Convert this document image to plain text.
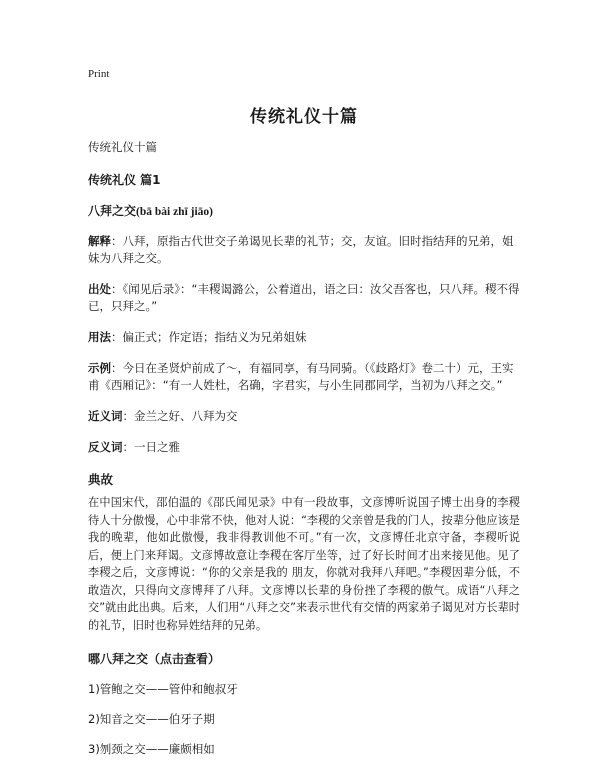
Print
传统礼仪十篇
传统礼仪十篇
传统礼仪 篇1
八拜之交(bā bài zhī jiāo)
解释：八拜，原指古代世交子弟谒见长辈的礼节；交，友谊。旧时指结拜的兄弟，姐妹为八拜之交。
出处：《闻见后录》：“丰稷谒潞公，公着道出，语之曰：汝父吾客也，只八拜。稷不得已，只拜之。”
用法：偏正式；作定语；指结义为兄弟姐妹
示例：今日在圣贤炉前成了～，有福同享，有马同骑。（《歧路灯》卷二十）元，王实甫《西厢记》：“有一人姓杜，名确，字君实，与小生同郡同学，当初为八拜之交。”
近义词：金兰之好、八拜为交
反义词：一日之雅
典故
在中国宋代，邵伯温的《邵氏闻见录》中有一段故事，文彦博听说国子博士出身的李稷待人十分傲慢，心中非常不快，他对人说：“李稷的父亲曾是我的门人，按辈分他应该是我的晚辈，他如此傲慢，我非得教训他不可。”有一次，文彦博任北京守备，李稷听说后，便上门来拜谒。文彦博故意让李稷在客厅坐等，过了好长时间才出来接见他。见了李稷之后，文彦博说：“你的父亲是我的 朋友，你就对我拜八拜吧。”李稷因辈分低，不敢造次，只得向文彦博拜了八拜。文彦博以长辈的身份挫了李稷的傲气。成语“八拜之交”就由此出典。后来，人们用“八拜之交”来表示世代有交情的两家弟子谒见对方长辈时的礼节，旧时也称异姓结拜的兄弟。
哪八拜之交（点击查看）
1)管鲍之交——管仲和鲍叔牙
2)知音之交——伯牙子期
3)刎颈之交——廉颇相如
